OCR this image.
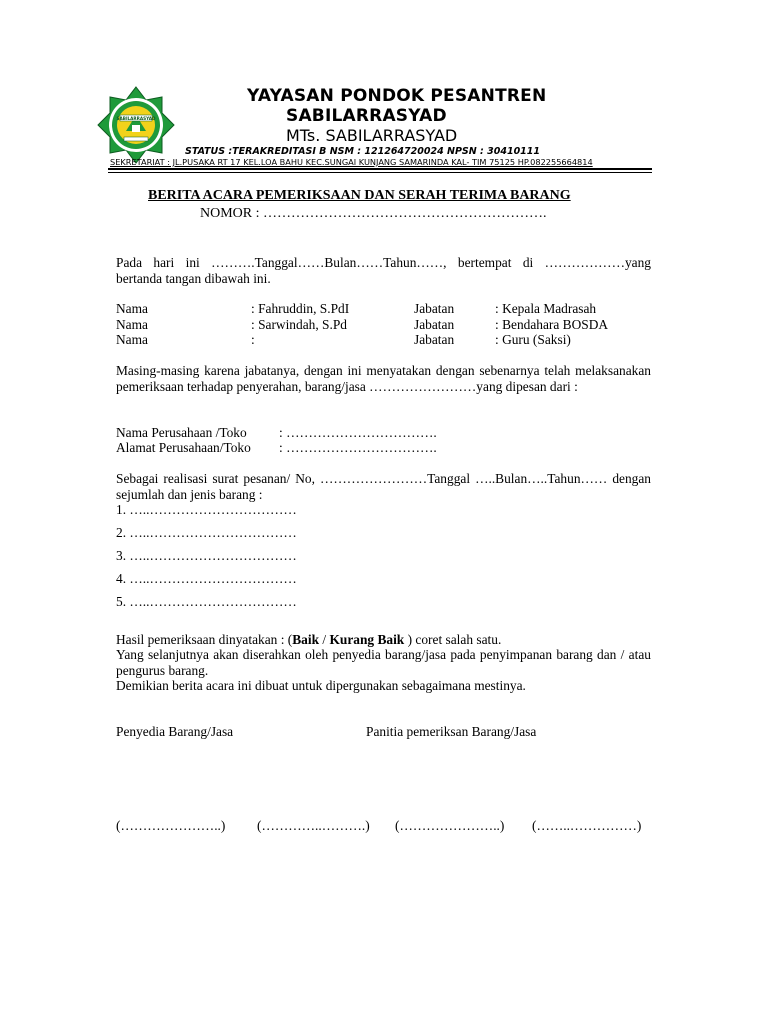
SABILARRASYAD
YAYASAN PONDOK PESANTREN
SABILARRASYAD
MTs. SABILARRASYAD
STATUS :TERAKREDITASI B NSM : 121264720024 NPSN : 30410111
SEKRETARIAT : JL.PUSAKA RT 17 KEL.LOA BAHU KEC.SUNGAI KUNJANG SAMARINDA KAL- TIM 75125 HP.082255664814
BERITA ACARA PEMERIKSAAN DAN SERAH TERIMA BARANG
NOMOR : …………………………………………………….
Pada hari ini ……….Tanggal……Bulan……Tahun……, bertempat di ………………yang bertanda tangan dibawah ini.
Nama	: Fahruddin, S.PdI	Jabatan	: Kepala Madrasah
Nama	: Sarwindah, S.Pd	Jabatan	: Bendahara BOSDA
Nama	:	Jabatan	: Guru (Saksi)
Masing-masing karena jabatanya, dengan ini menyatakan dengan sebenarnya telah melaksanakan pemeriksaan terhadap penyerahan, barang/jasa ……………………yang dipesan dari :
Nama Perusahaan /Toko : …………………………….
Alamat Perusahaan/Toko : …………………………….
Sebagai realisasi surat pesanan/ No, ……………………Tanggal …..Bulan…..Tahun…… dengan sejumlah dan jenis barang :
1. …..……………………………
2. …..……………………………
3. …..……………………………
4. …..……………………………
5. …..……………………………
Hasil pemeriksaan dinyatakan : (Baik / Kurang Baik ) coret salah satu.
Yang selanjutnya akan diserahkan oleh penyedia barang/jasa pada penyimpanan barang dan / atau pengurus barang.
Demikian berita acara ini dibuat untuk dipergunakan sebagaimana mestinya.
Penyedia Barang/Jasa	Panitia pemeriksan Barang/Jasa
(…………………..) (…………..……….) (…………………..) (……..……………)
